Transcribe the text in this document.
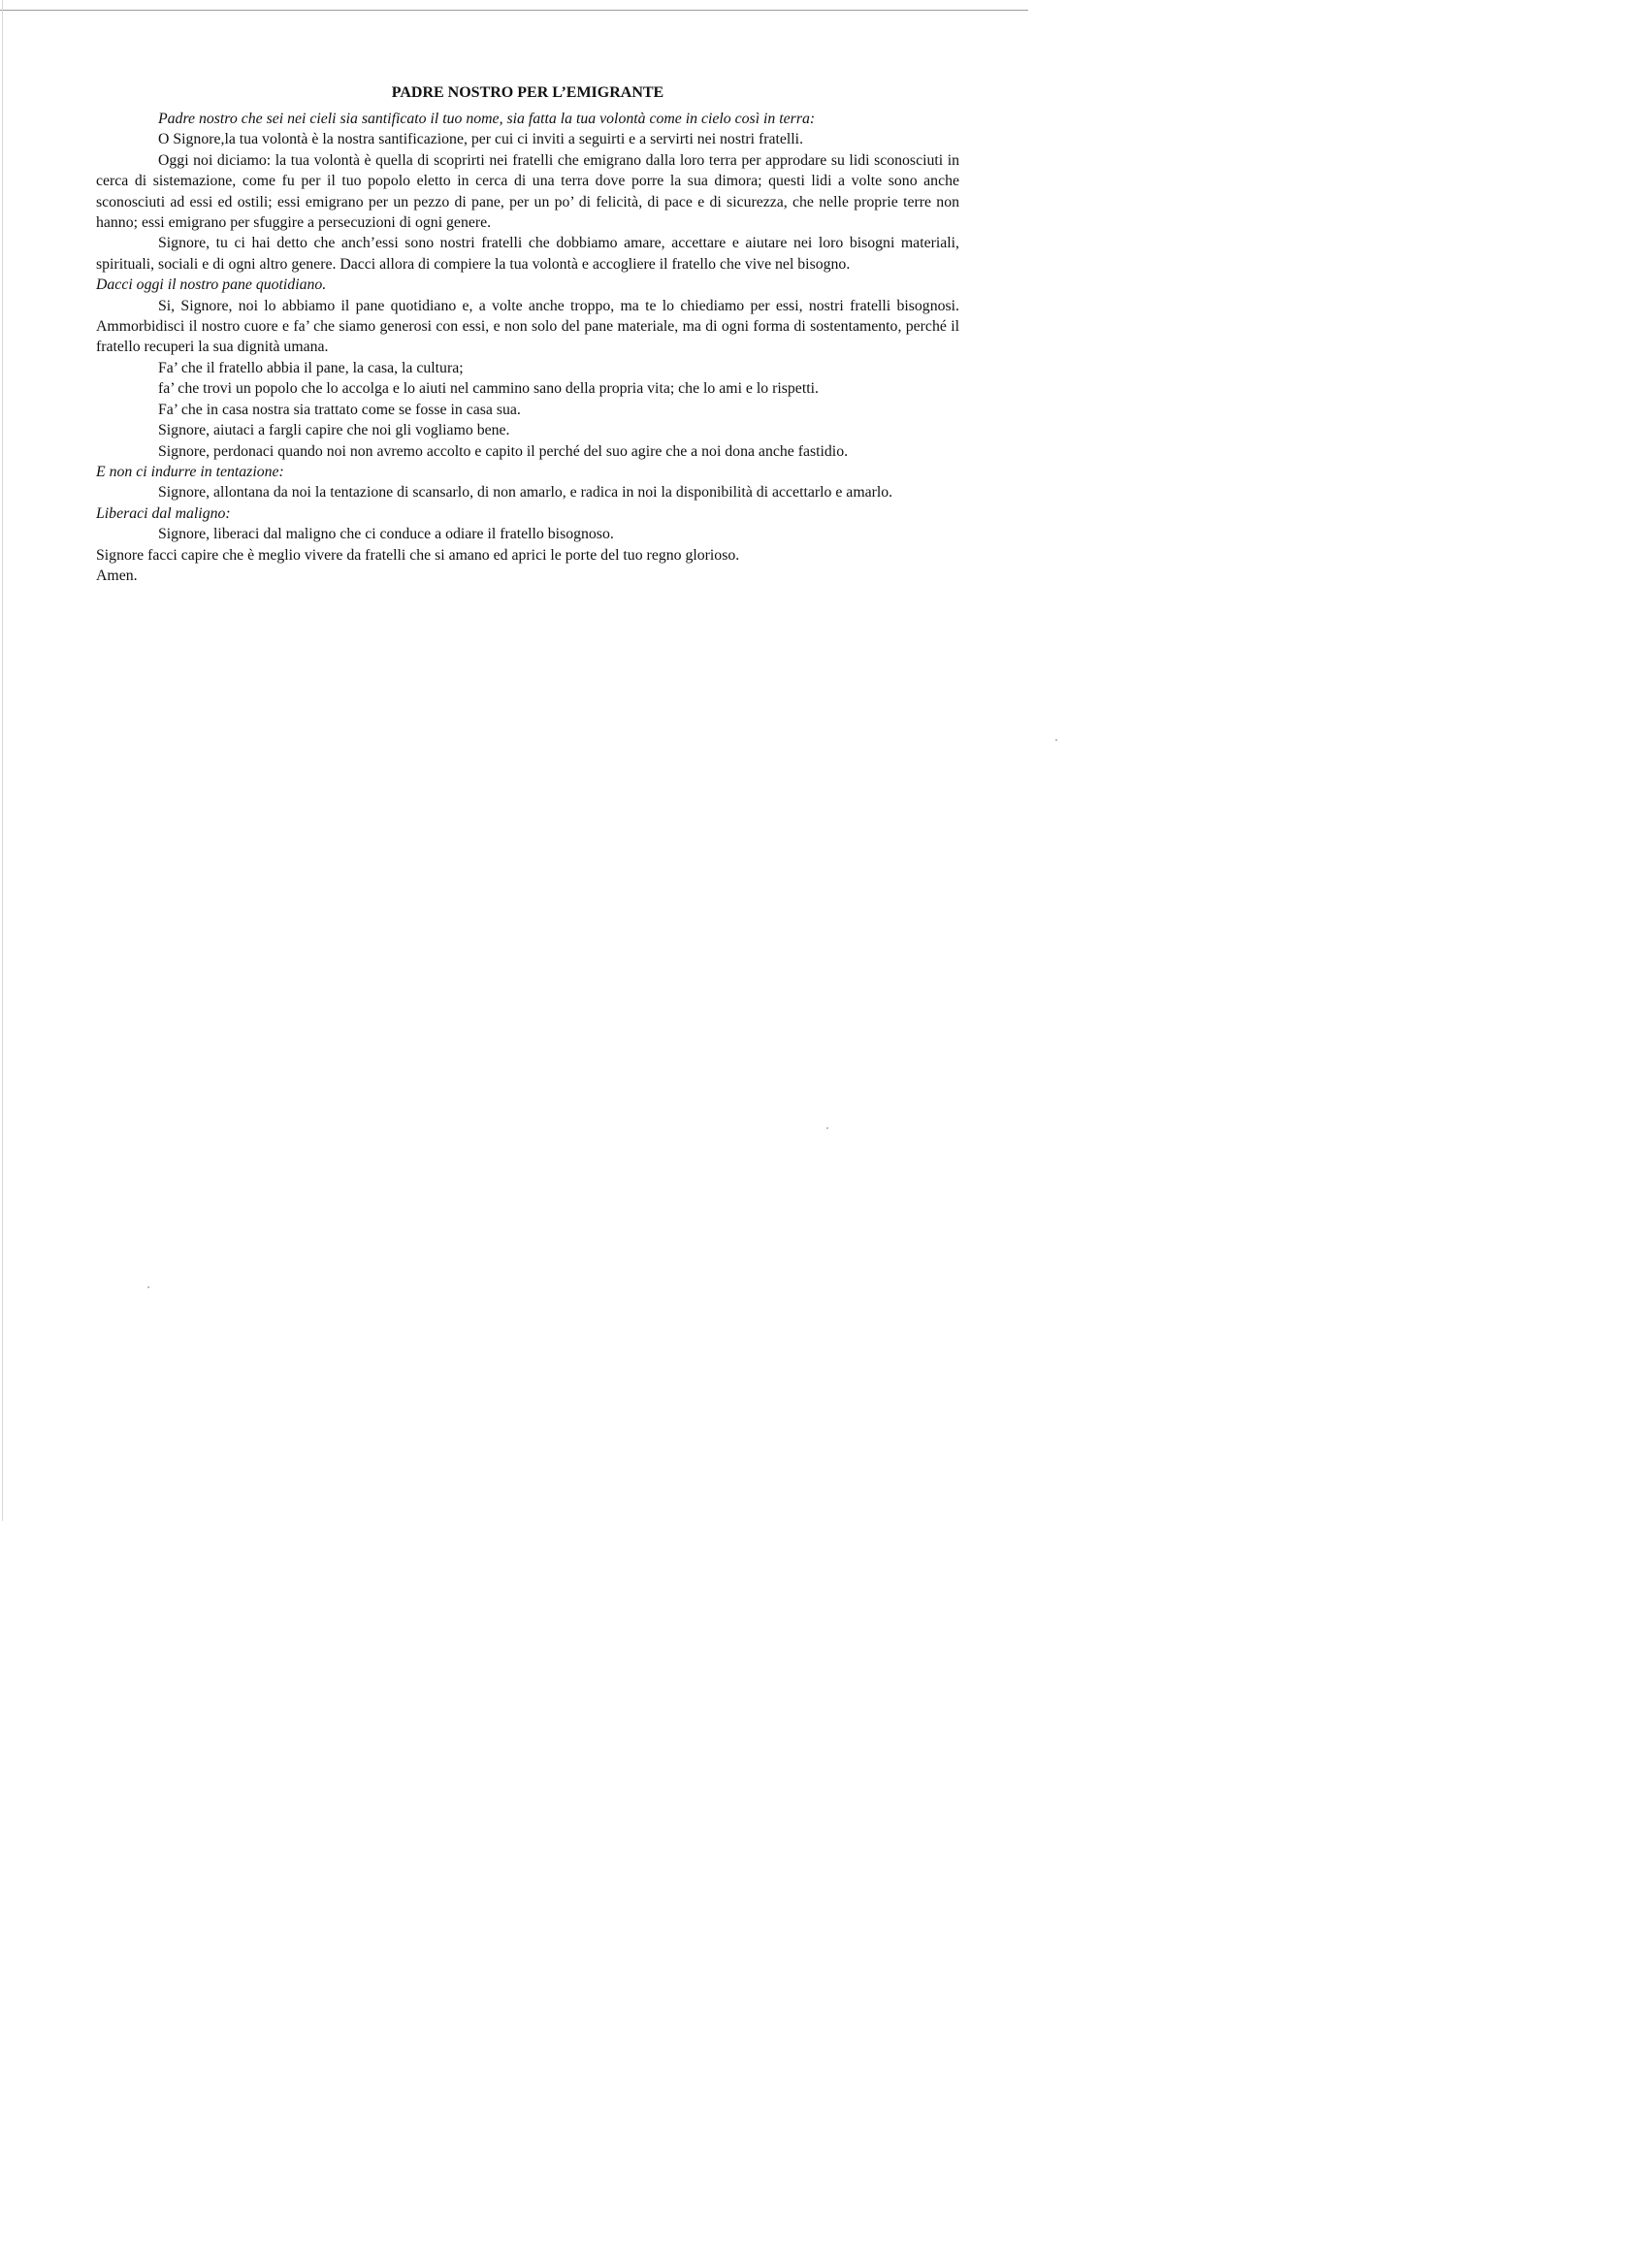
PADRE NOSTRO PER L’EMIGRANTE

Padre nostro che sei nei cieli sia santificato il tuo nome, sia fatta la tua volontà come in cielo così in terra:

O Signore,la tua volontà è la nostra santificazione, per cui ci inviti a seguirti e a servirti nei nostri fratelli.

Oggi noi diciamo: la tua volontà è quella di scoprirti nei fratelli che emigrano dalla loro terra per approdare su lidi sconosciuti in cerca di sistemazione, come fu per il tuo popolo eletto in cerca di una terra dove porre la sua dimora; questi lidi a volte sono anche sconosciuti ad essi ed ostili; essi emigrano per un pezzo di pane, per un po’ di felicità, di pace e di sicurezza, che nelle proprie terre non hanno; essi emigrano per sfuggire a persecuzioni di ogni genere.

Signore, tu ci hai detto che anch’essi sono nostri fratelli che dobbiamo amare, accettare e aiutare nei loro bisogni materiali, spirituali, sociali e di ogni altro genere. Dacci allora di compiere la tua volontà e accogliere il fratello che vive nel bisogno.

Dacci oggi il nostro pane quotidiano.

Si, Signore, noi lo abbiamo il pane quotidiano e, a volte anche troppo, ma te lo chiediamo per essi, nostri fratelli bisognosi. Ammorbidisci il nostro cuore e fa’ che siamo generosi con essi, e non solo del pane materiale, ma di ogni forma di sostentamento, perché il fratello recuperi la sua dignità umana.

Fa’ che il fratello abbia il pane, la casa, la cultura;

fa’ che trovi un popolo che lo accolga e lo aiuti nel cammino sano della propria vita; che lo ami e lo rispetti.

Fa’ che in casa nostra sia trattato come se fosse in casa sua.

Signore, aiutaci a fargli capire che noi gli vogliamo bene.

Signore, perdonaci quando noi non avremo accolto e capito il perché del suo agire che a noi dona anche fastidio.

E non ci indurre in tentazione:

Signore, allontana da noi la tentazione di scansarlo, di non amarlo, e radica in noi la disponibilità di accettarlo e amarlo.

Liberaci dal maligno:

Signore, liberaci dal maligno che ci conduce a odiare il fratello bisognoso.

Signore facci capire che è meglio vivere da fratelli che si amano ed aprici le porte del tuo regno glorioso.

Amen.
